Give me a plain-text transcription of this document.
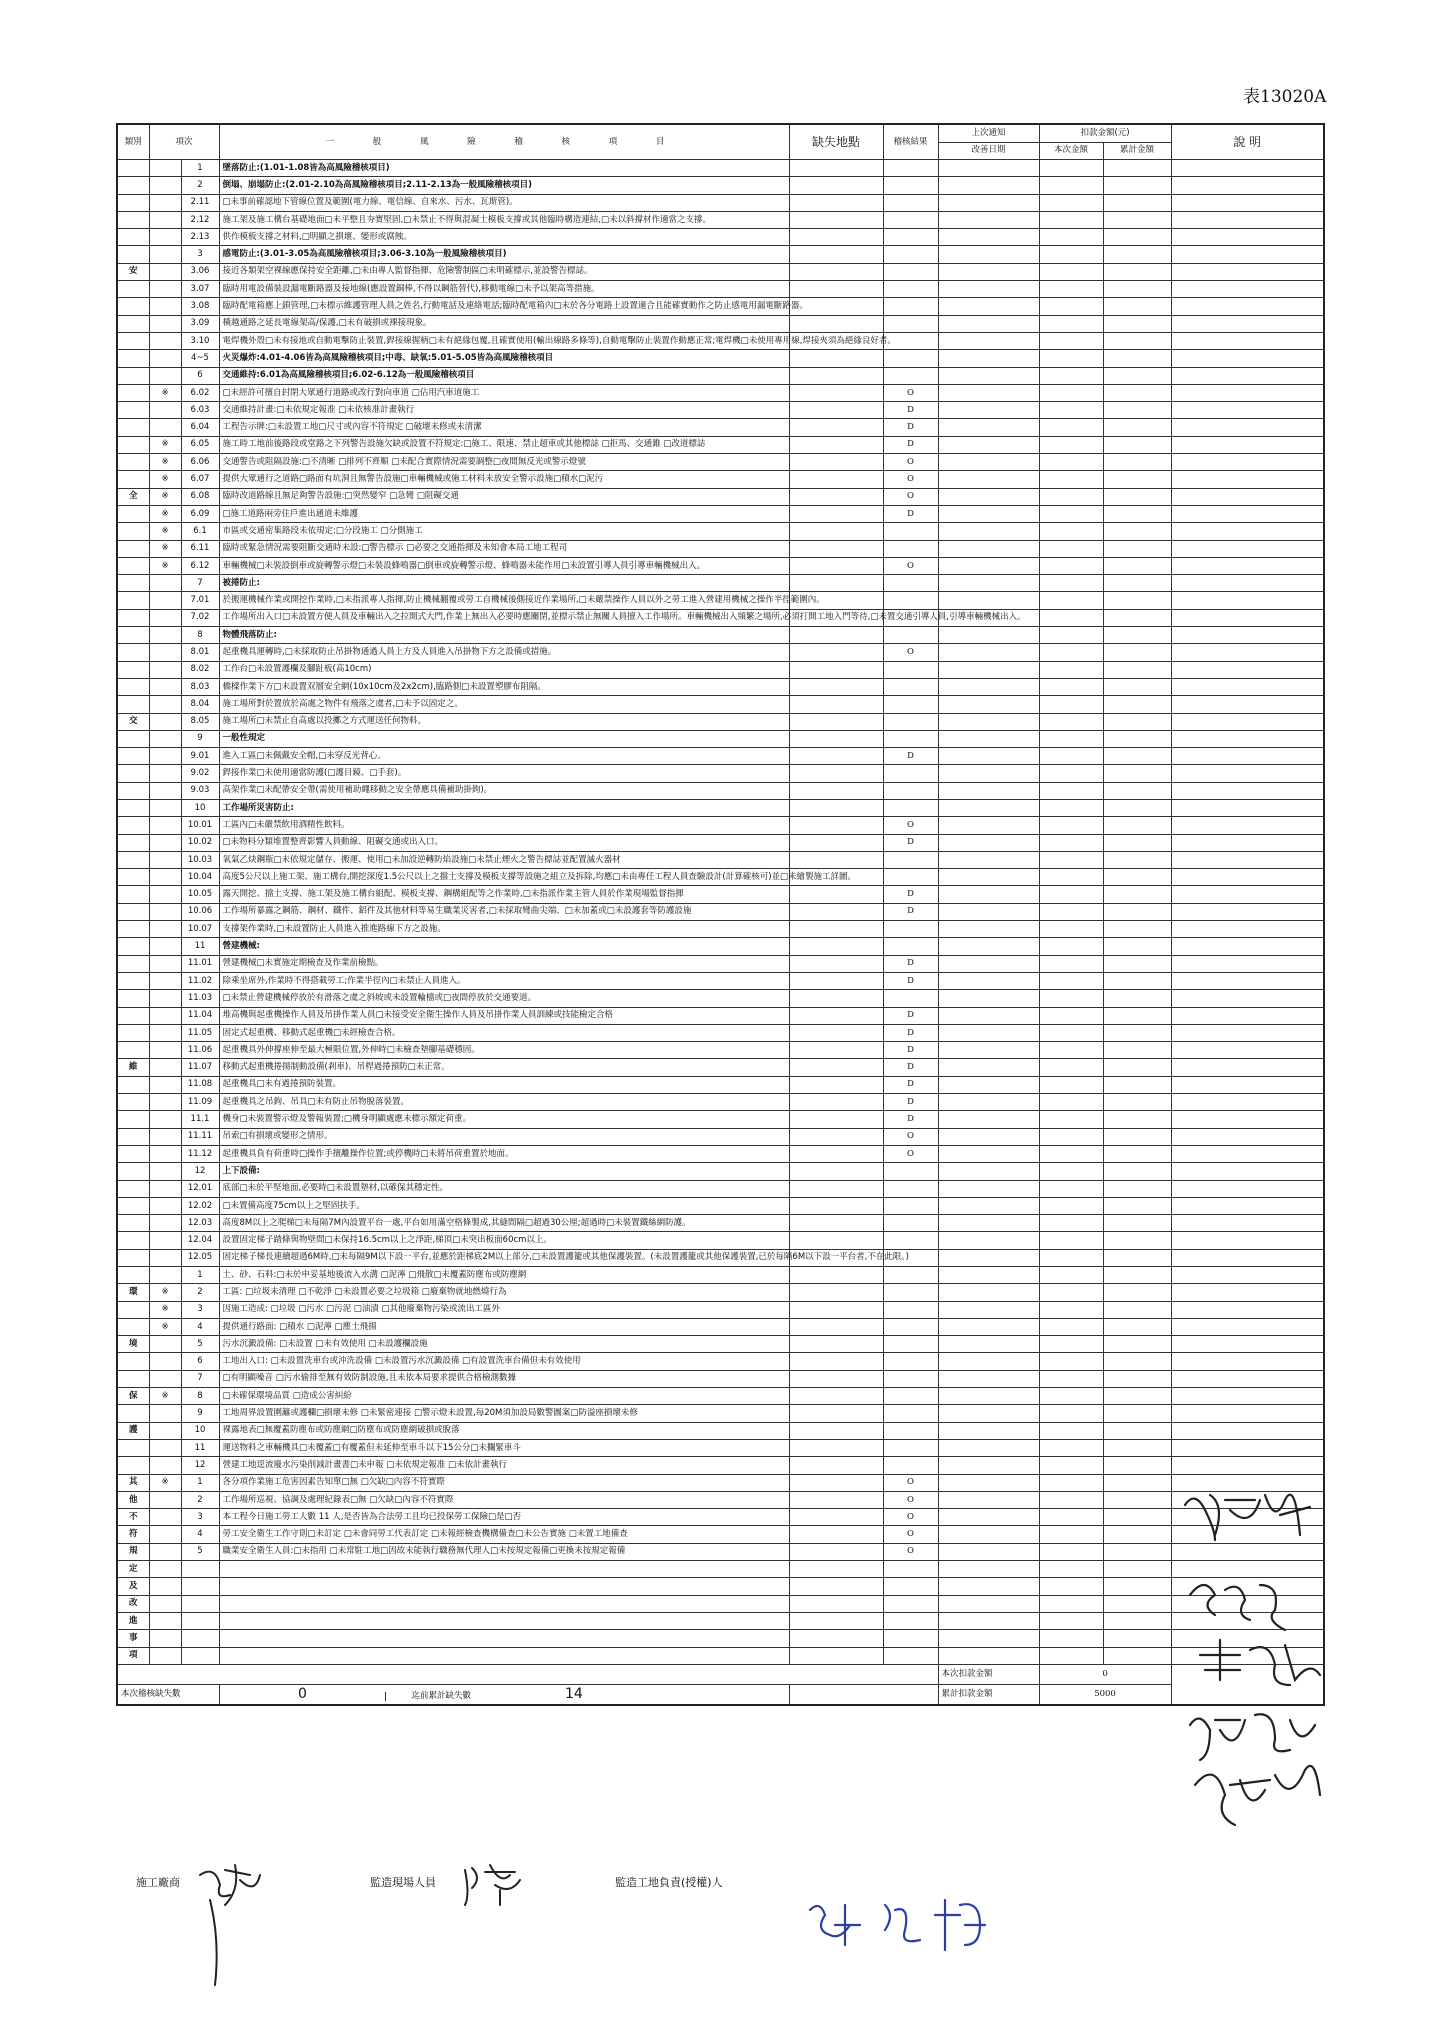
表13020A
類別	項次		一 般 風 險 稽 核 項 目	缺失地點	稽核結果	上次通知	扣款金額(元)		說 明
						改善日期	本次金額	累計金額	
		1	墜落防止:(1.01-1.08皆為高風險稽核項目)						
		2	倒塌、崩塌防止:(2.01-2.10為高風險稽核項目;2.11-2.13為一般風險稽核項目)						
		2.11	□未事前確認地下管線位置及範圍(電力線、電信線、自來水、污水、瓦斯管)。						
		2.12	施工架及施工構台基礎地面□未平整且夯實堅固,□未禁止不得與混凝土模板支撐或其他臨時構造連結,□未以斜撐材作適當之支撐。						
		2.13	供作模板支撐之材料,□明顯之損壞、變形或腐蝕。						
		3	感電防止:(3.01-3.05為高風險稽核項目;3.06-3.10為一般風險稽核項目)						
安		3.06	接近各類架空裸線應保持安全距離,□未由專人監督指揮、危險警制區□未明確標示,並設警告標誌。						
		3.07	臨時用電設備裝設漏電斷路器及接地線(應設置銅棒,不得以鋼筋替代),移動電線□未予以架高等措施。						
		3.08	臨時配電箱應上鎖管理,□未標示維護管理人員之姓名,行動電話及連絡電話;臨時配電箱內□未於各分電路上設置適合且能確實動作之防止感電用漏電斷路器。						
		3.09	橫越通路之延長電線架高/保護,□未有破損或裸接現象。						
		3.10	電焊機外殼□未有接地或自動電擊防止裝置,銲接線握柄□未有絕緣包覆,且確實使用(輸出線路多條等),自動電擊防止裝置作動應正常;電焊機□未使用專用線,焊接夾須為絕緣良好者。						
		4~5	火災爆炸:4.01-4.06皆為高風險稽核項目;中毒、缺氧:5.01-5.05皆為高風險稽核項目						
		6	交通維持:6.01為高風險稽核項目;6.02-6.12為一般風險稽核項目						
	※	6.02	□未經許可擅自封閉大眾通行道路或改行對向車道 □佔用汽車道施工		O				
		6.03	交通維持計畫:□未依規定報准 □未依核准計畫執行		D				
		6.04	工程告示牌:□未設置工地□尺寸或內容不符規定 □破壞未修或未清潔		D				
	※	6.05	施工時工地前後路段或堂路之下列警告設施欠缺或設置不符規定:□施工、限速、禁止超車或其他標誌 □拒馬、交通錐 □改道標誌		D				
	※	6.06	交通警告或阻隔設施:□不清晰 □排列不齊順 □未配合實際情況需要調整□夜間無反光或警示燈號		O				
	※	6.07	提供大眾通行之道路□路面有坑洞且無警告設施□車輛機械或施工材料未放安全警示設施□積水□泥污		O				
全	※	6.08	臨時改道路線且無足夠警告設施:□突然變窄 □急彎 □阻礙交通		O				
	※	6.09	□施工道路兩旁住戶進出通道未維護		D				
	※	6.1	市區或交通密集路段未依規定:□分段施工 □分側施工						
	※	6.11	臨時或緊急情況需要阻斷交通時未設:□警告標示 □必要之交通指揮及未知會本局工地工程司						
	※	6.12	車輛機械□未裝設倒車或旋轉警示燈□未裝設蜂鳴器□倒車或旋轉警示燈、蜂鳴器未能作用□未設置引導人員引導車輛機械出入。		O				
		7	被捲防止:						
		7.01	於搬運機械作業或開挖作業時,□未指派專人指揮,防止機械翻覆或勞工自機械後側接近作業場所,□未嚴禁操作人員以外之勞工進入營建用機械之操作半徑範圍內。						
		7.02	工作場所出入口□未設置方便人員及車輛出入之拉開式大門,作業上無出入必要時應關閉,並標示禁止無關人員擅入工作場所。車輛機械出入頻繁之場所,必須打開工地入門等待,□未置交通引導人員,引導車輛機械出入。						
		8	物體飛落防止:						
		8.01	起重機具運轉時,□未採取防止吊掛物通過人員上方及人員進入吊掛物下方之設備或措施。		O				
		8.02	工作台□未設置護欄及腳趾板(高10cm)						
		8.03	橋樑作業下方□未設置双層安全網(10x10cm及2x2cm),臨路側□未設置塑膠布阻隔。						
		8.04	施工場所對於置放於高處之物件有飛落之虞者,□未予以固定之。						
交		8.05	施工場所□未禁止自高處以投擲之方式運送任何物料。						
		9	一般性規定						
		9.01	進入工區□未佩戴安全帽,□未穿反光背心。		D				
		9.02	銲接作業□未使用適當防護(□護目鏡、□手套)。						
		9.03	高架作業□未配帶安全帶(需使用補助繩移動之安全帶應具備補助掛鉤)。						
		10	工作場所災害防止:						
		10.01	工區內□未嚴禁飲用酒精性飲料。		O				
		10.02	□未物料分類堆置整齊影響人員動線、阻礙交通或出入口。		D				
		10.03	氧氣乙炔鋼瓶□未依規定儲存、搬運、使用□未加設逆轉防焰設施□未禁止煙火之警告標誌並配置滅火器材						
		10.04	高度5公尺以上施工架、施工構台,開挖深度1.5公尺以上之擋土支撐及模板支撐等設施之組立及拆除,均應□未由專任工程人員查驗設計(計算確核可)並□未繪製施工詳圖。						
		10.05	露天開挖、擋土支撐、施工架及施工構台組配、模板支撐、鋼構組配等之作業時,□未指派作業主管人員於作業現場監督指揮		D				
		10.06	工作場所暴露之鋼筋、鋼材、鐵件、鋁件及其他材料等易生職業災害者,□未採取彎曲尖端、□未加蓋或□未設護套等防護設施		D				
		10.07	支撐架作業時,□未設置防止人員進入推進路線下方之設施。						
		11	營建機械:						
		11.01	營建機械□未實施定期檢查及作業前檢點。		D				
		11.02	除乘坐席外,作業時不得搭載勞工;作業半徑內□未禁止人員進入。		D				
		11.03	□未禁止營建機械停放於有滑落之虞之斜坡或未設置輪檔或□夜間停放於交通要道。						
		11.04	堆高機與起重機操作人員及吊掛作業人員□未接受安全衛生操作人員及吊掛作業人員訓練或技能檢定合格		D				
		11.05	固定式起重機、移動式起重機□未經檢查合格。		D				
		11.06	起重機具外伸撐座伸至最大極限位置,外伸時□未檢查墊腳基礎穩固。		D				
維		11.07	移動式起重機捲揚制動設備(剎車)、吊桿過捲預防□未正常。		D				
		11.08	起重機具□未有過捲預防裝置。		D				
		11.09	起重機具之吊鉤、吊具□未有防止吊物脫落裝置。		D				
		11.1	機身□未裝置警示燈及警報裝置;□機身明顯處應未標示額定荷重。		D				
		11.11	吊索□有損壞或變形之情形。		O				
		11.12	起重機具負有荷重時□操作手擅離操作位置;或停機時□未將吊荷重置於地面。		O				
		12	上下設備:						
		12.01	底部□未於平堅地面,必要時□未設置墊材,以確保其穩定性。						
		12.02	□未置備高度75cm以上之堅固扶手。						
		12.03	高度8M以上之爬梯□未每隔7M內設置平台一處,平台如用滿空格條製成,其縫間隔□超過30公厘;超過時□未裝置鐵絲網防護。						
		12.04	設置固定梯子踏條與物壁間□未保持16.5cm以上之淨距,梯頂□未突出板面60cm以上。						
		12.05	固定梯子梯長連續超過6M時,□未每隔9M以下設一平台,並應於距梯底2M以上部分,□未設置護籠或其他保護裝置。(未設置護籠或其他保護裝置,已於每隔6M以下設一平台者,不在此限。)						
		1	土、砂、石料:□未於申妥基地後流入水溝 □泥濘 □飛散□未覆蓋防塵布或防塵網						
環	※	2	工區: □垃圾未清理 □不乾淨 □未設置必要之垃圾箱 □廢棄物就地燃燒行為						
	※	3	因施工造成: □垃圾 □污水 □污泥 □油漬 □其他廢棄物污染或流出工區外						
	※	4	提供通行路面: □積水 □泥濘 □塵土飛揚						
境		5	污水沉澱設備: □未設置 □未有效使用 □未設護欄設施						
		6	工地出入口: □未設置洗車台或沖洗設備 □未設置污水沉澱設備 □有設置洗車台備但未有效使用						
		7	□有明顯噪音 □污水偷排至無有效防制設施,且未依本局要求提供合格檢測數據						
保	※	8	□未確保環境品質 □造成公害糾紛						
		9	工地周界設置圍籬或護欄□損壞未修 □未緊密連接 □警示燈未設置,每20M須加設局數警圖案□防溢座損壞未修						
護		10	裸露地表□無覆蓋防塵布或防塵網□防塵布或防塵網破損或脫落						
		11	運送物料之車輛機具□未覆蓋□有覆蓋但未延伸至車斗以下15公分□未攔緊車斗						
		12	營建工地逕流廢水污染削減計畫書□未申報 □未依規定報准 □未依計畫執行						
其	※	1	各分項作業施工危害因素告知單□無 □欠缺□內容不符實際		O				
他		2	工作場所巡視、協調及處理紀錄表□無 □欠缺□內容不符實際		O				
不		3	本工程今日施工勞工人數 11 人,是否皆為合法勞工且均已投保勞工保險□是□否		O				
符		4	勞工安全衛生工作守則□未訂定 □未會同勞工代表訂定 □未報經檢查機構備查□未公告實施 □未置工地備查		O				
規		5	職業安全衛生人員:□未指用 □未常駐工地□因故未能執行職務無代理人□未按規定報備□更換未按規定報備		O				
定									
及									
改									
進									
事									
項									
						本次扣款金額	0		
本次稽核缺失數			0 迄前累計缺失數 14			累計扣款金額	5000		
施工廠商	監造現場人員	監造工地負責(授權)人
